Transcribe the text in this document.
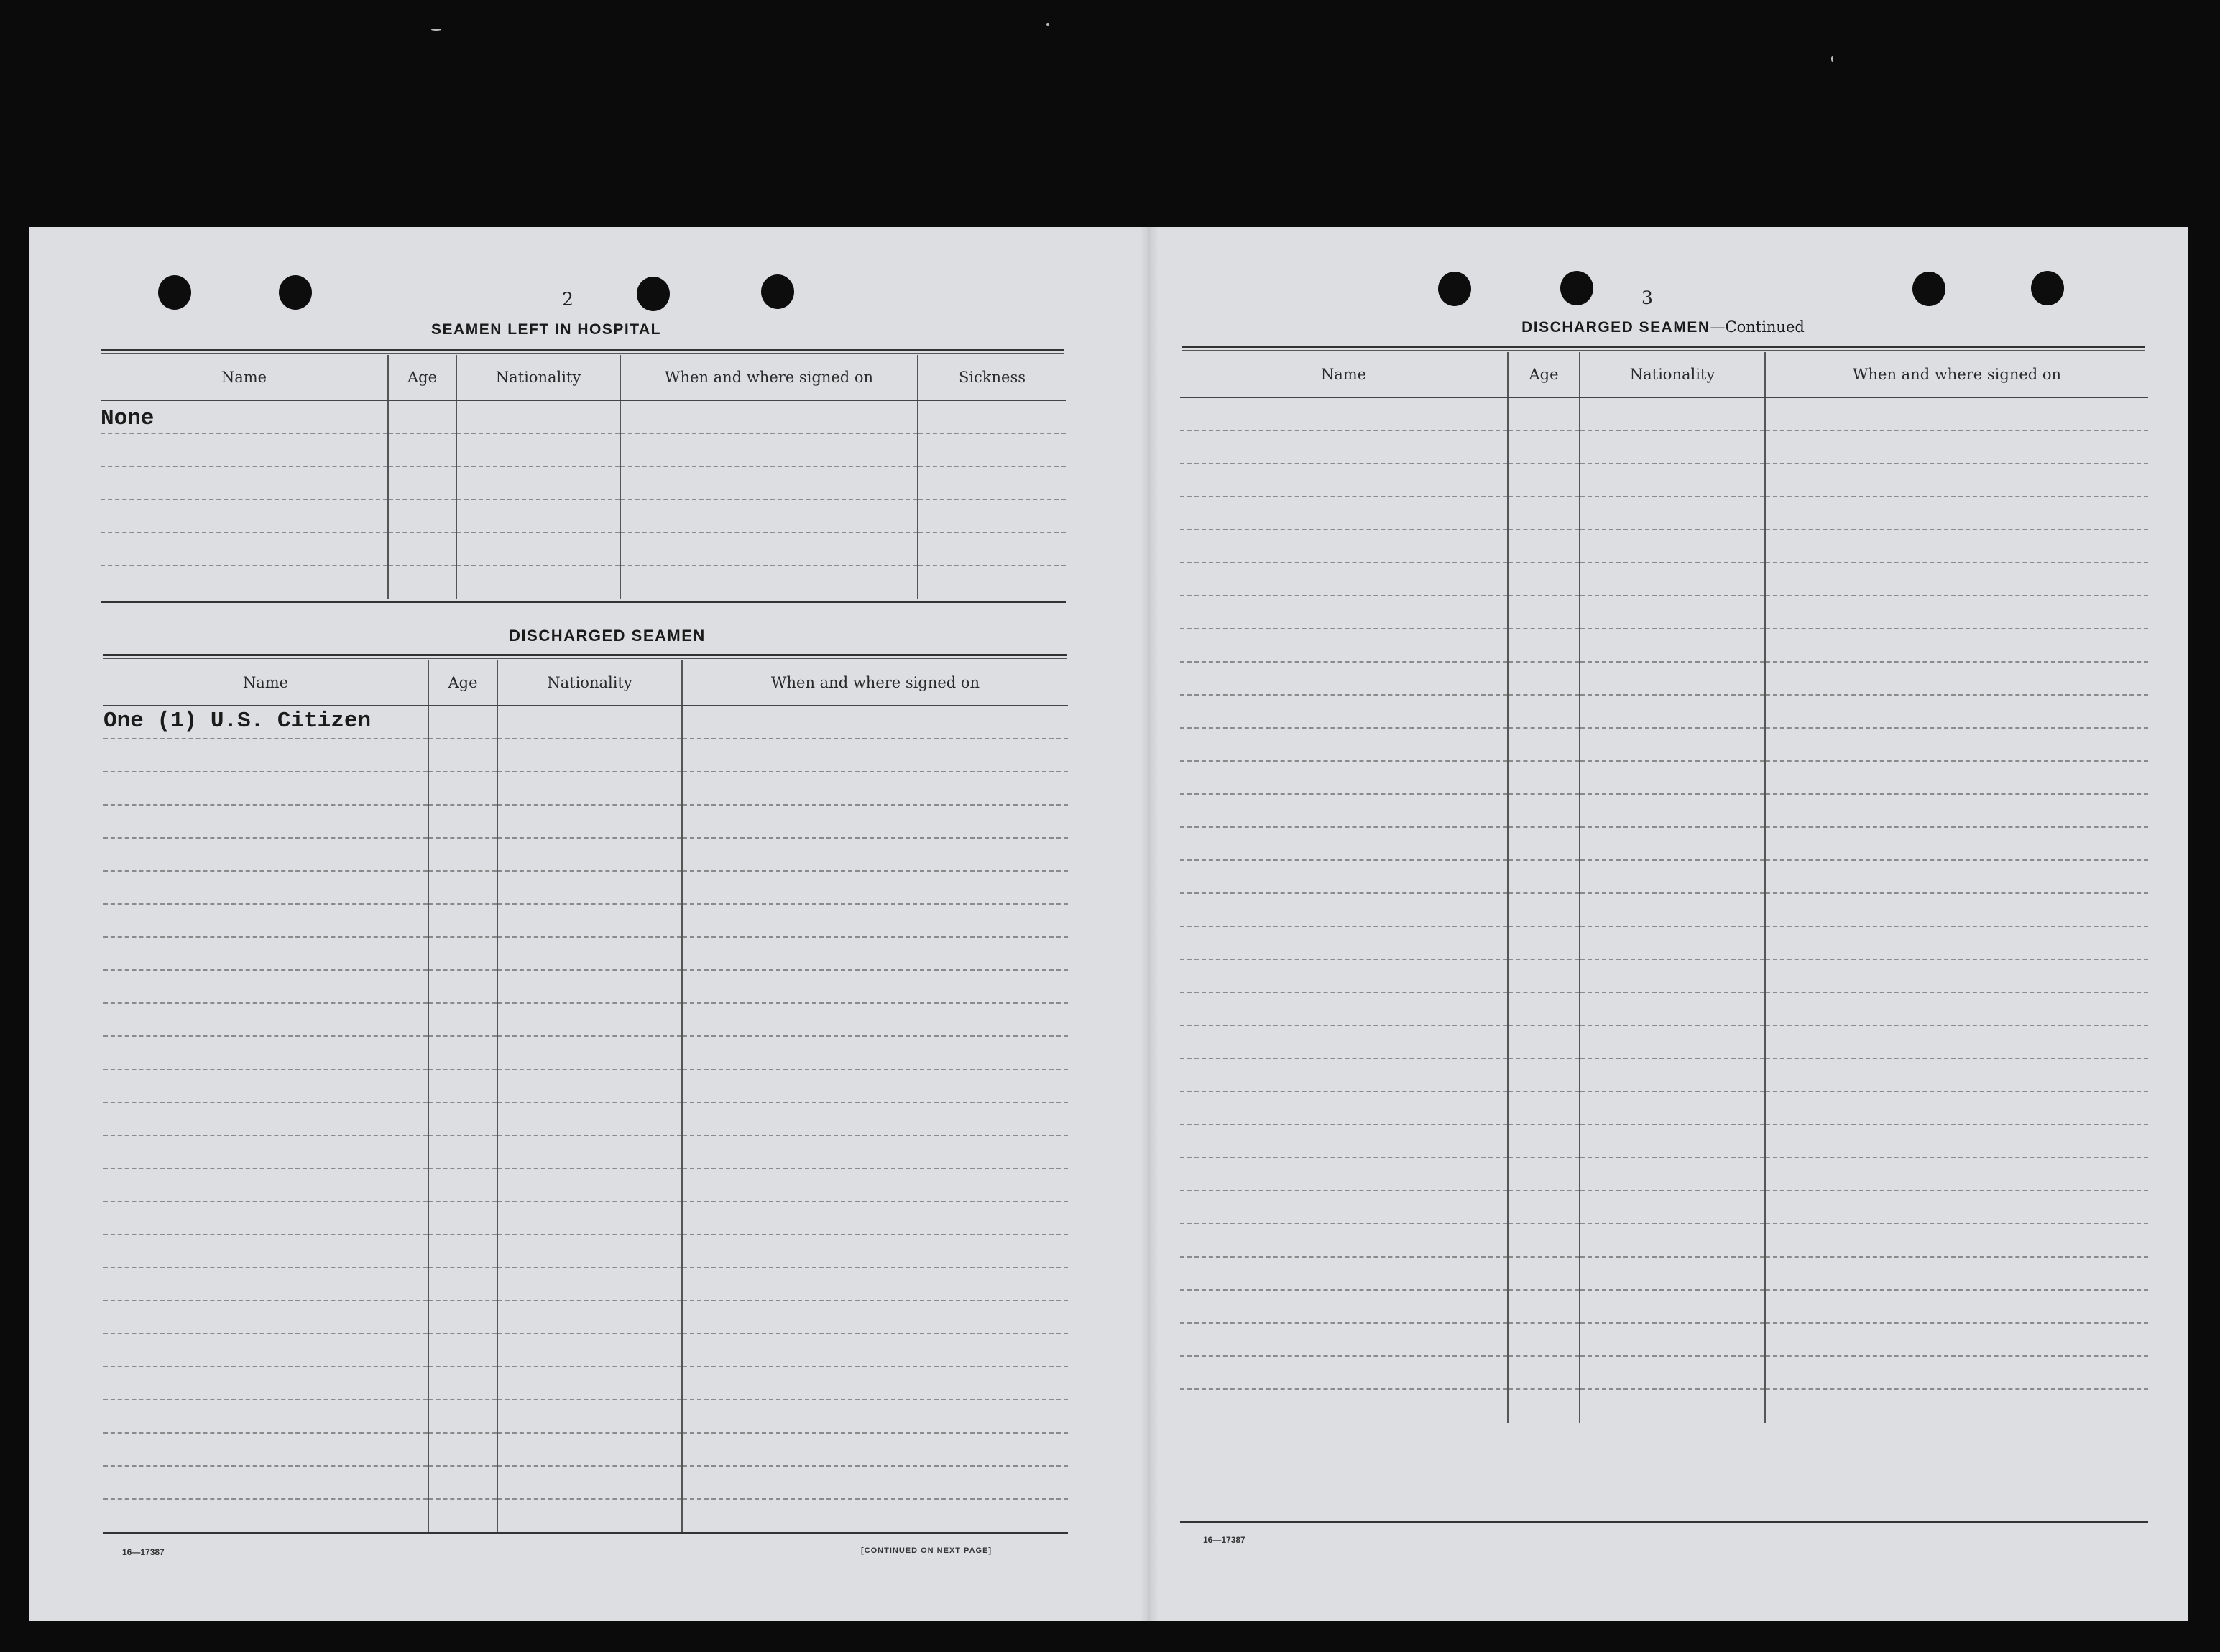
2
SEAMEN LEFT IN HOSPITAL
Name	Age	Nationality	When and where signed on	Sickness

None				

DISCHARGED SEAMEN
Name	Age	Nationality	When and where signed on

One (1) U.S. Citizen			

16—17387	[CONTINUED ON NEXT PAGE]
3
DISCHARGED SEAMEN—Continued
Name	Age	Nationality	When and where signed on

16—17387
